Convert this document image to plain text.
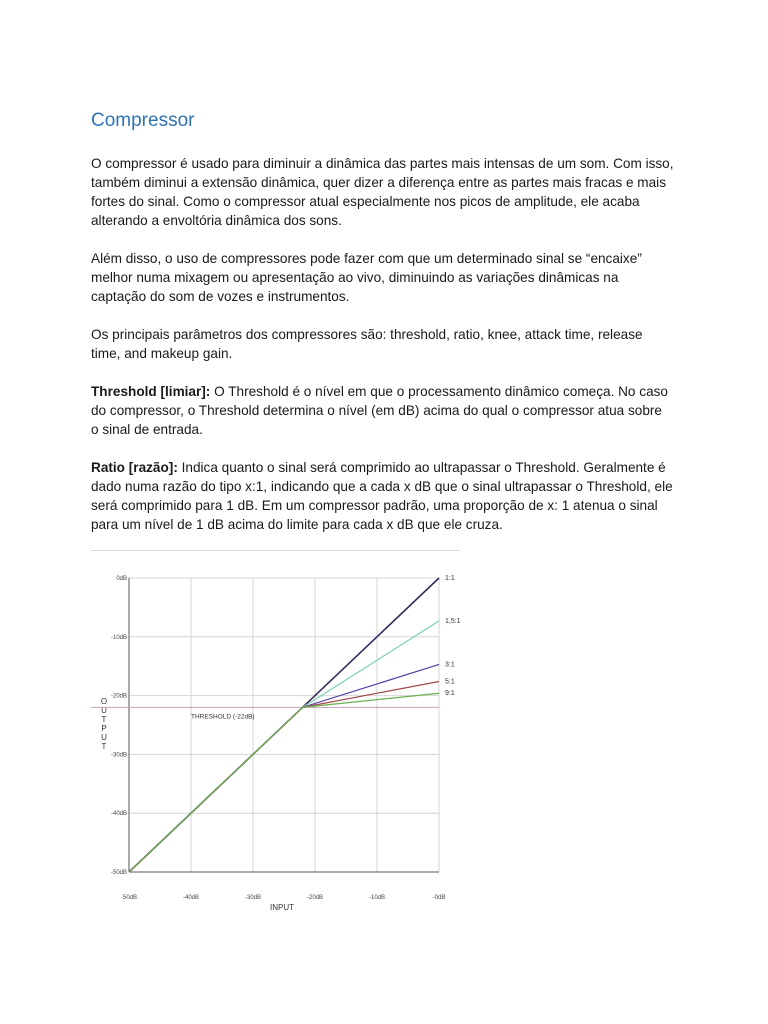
Compressor
O compressor é usado para diminuir a dinâmica das partes mais intensas de um som. Com isso,
também diminui a extensão dinâmica, quer dizer a diferença entre as partes mais fracas e mais
fortes do sinal. Como o compressor atual especialmente nos picos de amplitude, ele acaba
alterando a envoltória dinâmica dos sons.
Além disso, o uso de compressores pode fazer com que um determinado sinal se “encaixe”
melhor numa mixagem ou apresentação ao vivo, diminuindo as variações dinâmicas na
captação do som de vozes e instrumentos.
Os principais parâmetros dos compressores são: threshold, ratio, knee, attack time, release
time, and makeup gain.
Threshold [limiar]: O Threshold é o nível em que o processamento dinâmico começa. No caso
do compressor, o Threshold determina o nível (em dB) acima do qual o compressor atua sobre
o sinal de entrada.
Ratio [razão]: Indica quanto o sinal será comprimido ao ultrapassar o Threshold. Geralmente é
dado numa razão do tipo x:1, indicando que a cada x dB que o sinal ultrapassar o Threshold, ele
será comprimido para 1 dB. Em um compressor padrão, uma proporção de x: 1 atenua o sinal
para um nível de 1 dB acima do limite para cada x dB que ele cruza.
-50dB	-40dB	-30dB	-20dB	-10dB	-0dB
0dB
-10dB
-20dB
-30dB
-40dB
-50dB
INPUT
O U T P U T
THRESHOLD (-22dB)
1:1
1,5:1
3:1
5:1
9:1
